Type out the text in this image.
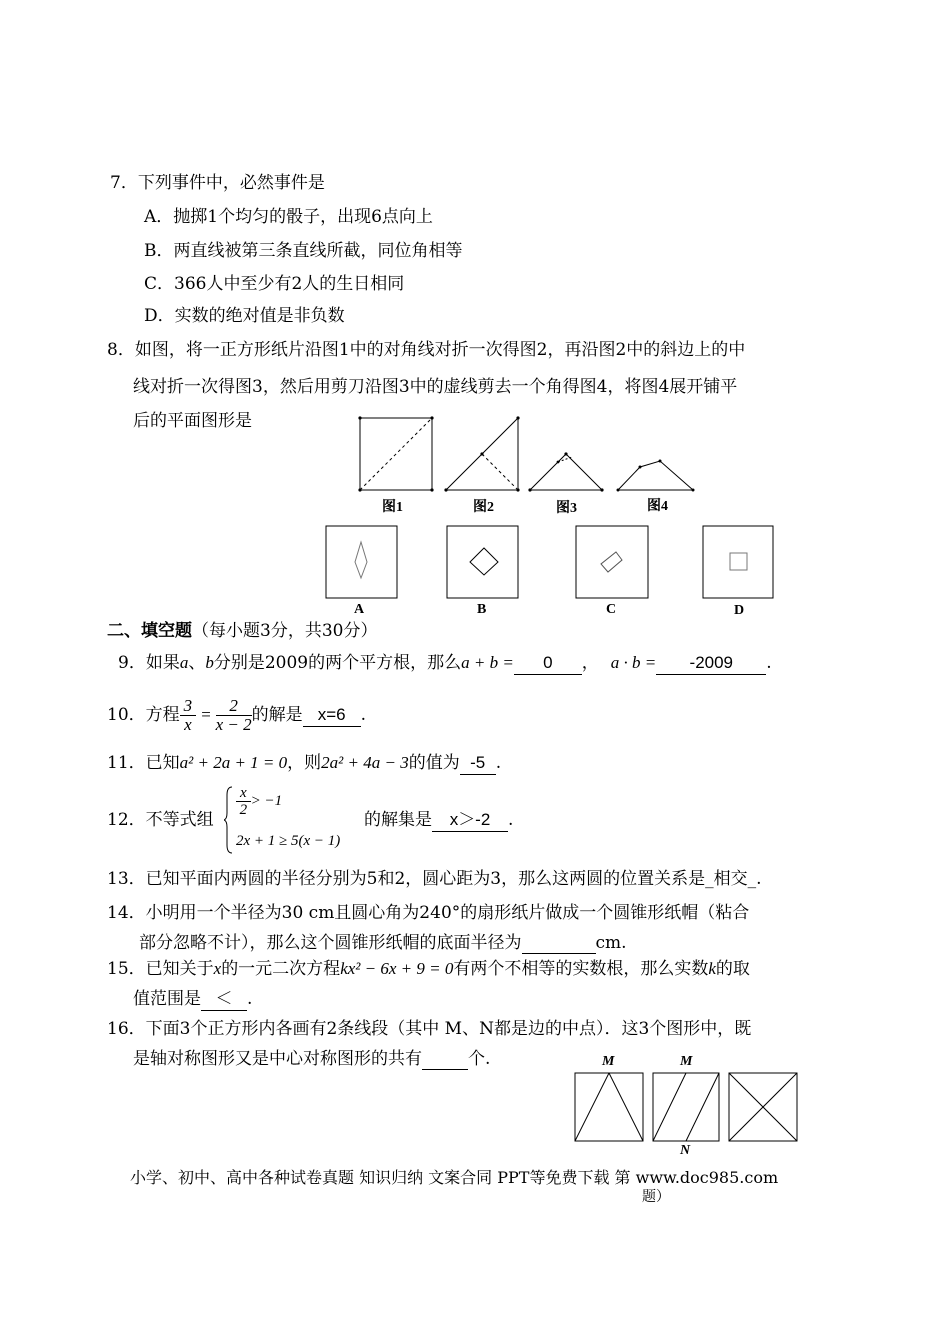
7．下列事件中，必然事件是
A．抛掷1个均匀的骰子，出现6点向上
B．两直线被第三条直线所截，同位角相等
C．366人中至少有2人的生日相同
D．实数的绝对值是非负数
8．如图，将一正方形纸片沿图1中的对角线对折一次得图2，再沿图2中的斜边上的中
线对折一次得图3，然后用剪刀沿图3中的虚线剪去一个角得图4，将图4展开铺平
后的平面图形是
图1	图2	图3	图4
A	B	C	D
二、填空题（每小题3分，共30分）
9．如果a、b分别是2009的两个平方根，那么a + b = 0 ， a · b = -2009 .
10．方程 $\frac{3}{x} = \frac{2}{x - 2}$ 的解是 x=6 .
11．已知a² + 2a + 1 = 0，则2a² + 4a − 3的值为 -5 .
12．不等式组
$\frac{x}{2} > -1$
2x + 1 ≥ 5(x − 1)
的解集是 x＞-2 .
13．已知平面内两圆的半径分别为5和2，圆心距为3，那么这两圆的位置关系是_相交_.
14．小明用一个半径为30 cm且圆心角为240°的扇形纸片做成一个圆锥形纸帽（粘合
部分忽略不计），那么这个圆锥形纸帽的底面半径为	cm.
15．已知关于x的一元二次方程kx² − 6x + 9 = 0有两个不相等的实数根，那么实数k的取
值范围是 ＜ .
16．下面3个正方形内各画有2条线段（其中 M、N都是边的中点）．这3个图形中，既
是轴对称图形又是中心对称图形的共有	个.	M	M
N
小学、初中、高中各种试卷真题 知识归纳 文案合同 PPT等免费下载 第 www.doc985.com
题）
